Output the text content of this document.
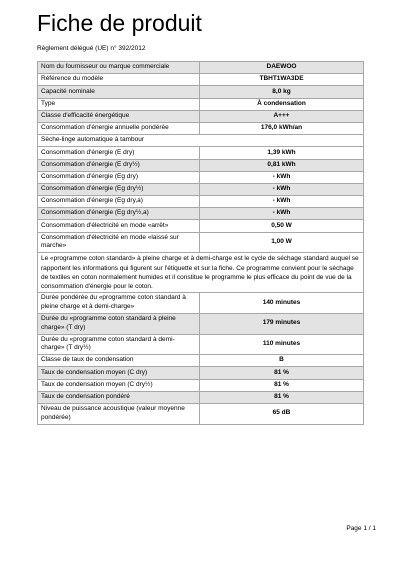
Fiche de produit
Règlement délégué (UE) n° 392/2012
Nom du fournisseur ou marque commerciale	DAEWOO
Référence du modèle	TBHT1WA3DE
Capacité nominale	8,0 kg
Type	À condensation
Classe d'efficacité énergétique	A+++
Consommation d'énergie annuelle pondérée	176,0 kWh/an
Sèche-linge automatique à tambour	
Consommation d'énergie (E dry)	1,39 kWh
Consommation d'énergie (E dry½)	0,81 kWh
Consommation d'énergie (Eg dry)	- kWh
Consommation d'énergie (Eg dry½)	- kWh
Consommation d'énergie (Eg dry,a)	- kWh
Consommation d'énergie (Eg dry½,a)	- kWh
Consommation d'électricité en mode «arrêt»	0,50 W
Consommation d'électricité en mode «laissé sur marche»	1,00 W
Le «programme coton standard» à pleine charge et à demi-charge est le cycle de séchage standard auquel se rapportent les informations qui figurent sur l'étiquette et sur la fiche. Ce programme convient pour le séchage de textiles en coton normalement humides et il constitue le programme le plus efficace du point de vue de la consommation d'énergie pour le coton.	
Durée pondérée du «programme coton standard à pleine charge et à demi-charge»	140 minutes
Durée du «programme coton standard à pleine charge» (T dry)	179 minutes
Durée du «programme coton standard à demi-charge» (T dry½)	110 minutes
Classe de taux de condensation	B
Taux de condensation moyen (C dry)	81 %
Taux de condensation moyen (C dry½)	81 %
Taux de condensation pondéré	81 %
Niveau de puissance acoustique (valeur moyenne pondérée)	65 dB
Page 1 / 1
